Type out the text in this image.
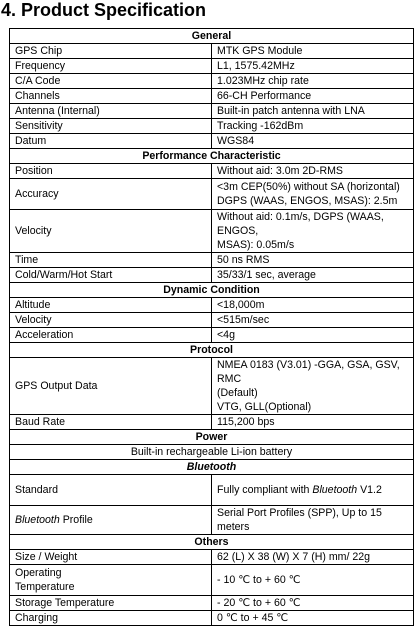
4. Product Specification
General	
GPS Chip	MTK GPS Module
Frequency	L1, 1575.42MHz
C/A Code	1.023MHz chip rate
Channels	66-CH Performance
Antenna (Internal)	Built-in patch antenna with LNA
Sensitivity	Tracking -162dBm
Datum	WGS84
Performance Characteristic	
Position	Without aid: 3.0m 2D-RMS
Accuracy	<3m CEP(50%) without SA (horizontal)
DGPS (WAAS, ENGOS, MSAS): 2.5m

Velocity	Without aid: 0.1m/s, DGPS (WAAS, ENGOS,
MSAS): 0.05m/s

Time	50 ns RMS
Cold/Warm/Hot Start	35/33/1 sec, average
Dynamic Condition	
Altitude	<18,000m
Velocity	<515m/sec
Acceleration	<4g
Protocol	
GPS Output Data	NMEA 0183 (V3.01) -GGA, GSA, GSV, RMC
(Default)
VTG, GLL(Optional)

Baud Rate	115,200 bps
Power	
Built-in rechargeable Li-ion battery	
Bluetooth	
Standard	Fully compliant with Bluetooth V1.2
Bluetooth Profile	Serial Port Profiles (SPP), Up to 15 meters
Others	
Size / Weight	62 (L) X 38 (W) X 7 (H) mm/ 22g

Operating
Temperature	- 10 ℃ to + 60 ℃
Storage Temperature	- 20 ℃ to + 60 ℃
Charging	0 ℃ to + 45 ℃
